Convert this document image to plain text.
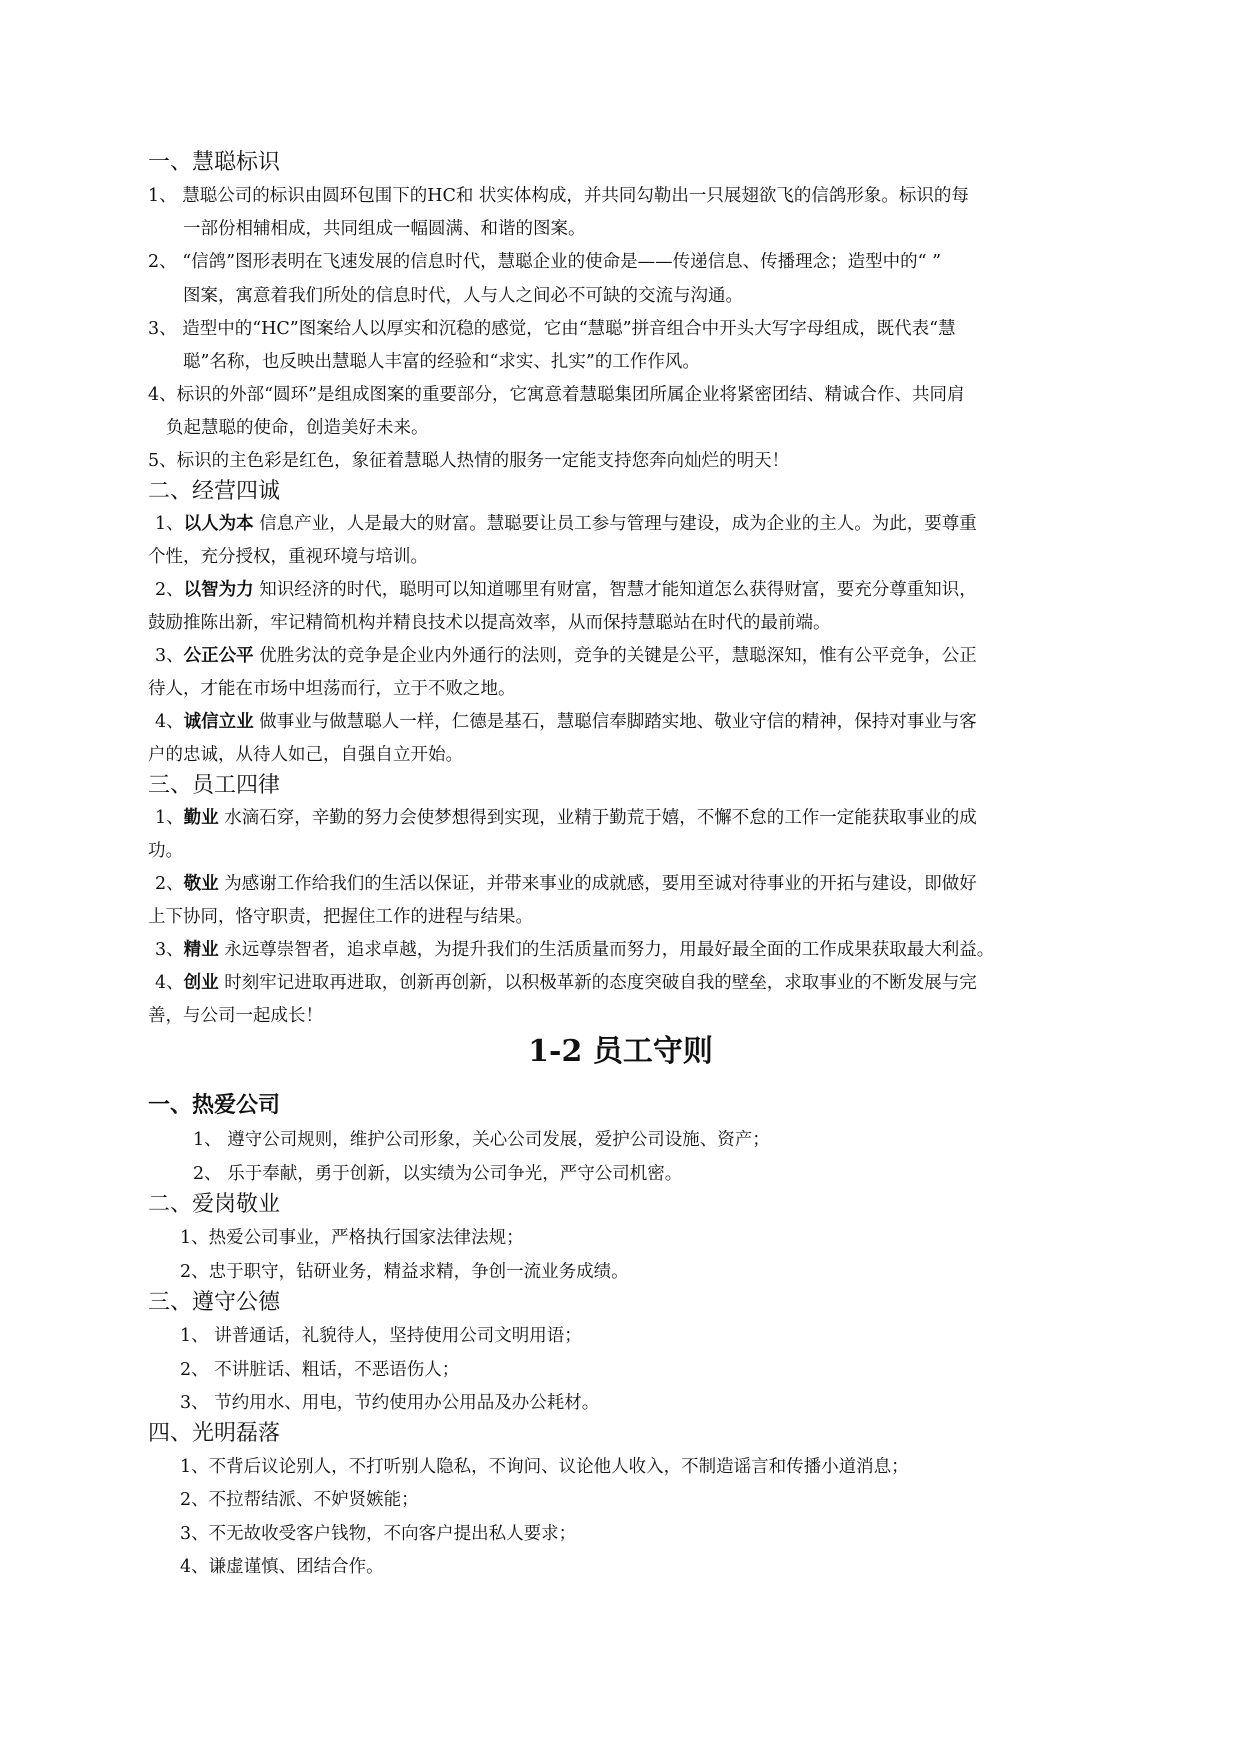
一、慧聪标识
1、 慧聪公司的标识由圆环包围下的HC和 状实体构成，并共同勾勒出一只展翅欲飞的信鸽形象。标识的每
一部份相辅相成，共同组成一幅圆满、和谐的图案。
2、 “信鸽”图形表明在飞速发展的信息时代，慧聪企业的使命是——传递信息、传播理念；造型中的“ ”
图案，寓意着我们所处的信息时代，人与人之间必不可缺的交流与沟通。
3、 造型中的“HC”图案给人以厚实和沉稳的感觉，它由“慧聪”拼音组合中开头大写字母组成，既代表“慧
聪”名称，也反映出慧聪人丰富的经验和“求实、扎实”的工作作风。
4、标识的外部“圆环”是组成图案的重要部分，它寓意着慧聪集团所属企业将紧密团结、精诚合作、共同肩
负起慧聪的使命，创造美好未来。
5、标识的主色彩是红色，象征着慧聪人热情的服务一定能支持您奔向灿烂的明天！
二、经营四诚
1、以人为本 信息产业，人是最大的财富。慧聪要让员工参与管理与建设，成为企业的主人。为此，要尊重
个性，充分授权，重视环境与培训。
2、以智为力 知识经济的时代，聪明可以知道哪里有财富，智慧才能知道怎么获得财富，要充分尊重知识，
鼓励推陈出新，牢记精简机构并精良技术以提高效率，从而保持慧聪站在时代的最前端。
3、公正公平 优胜劣汰的竞争是企业内外通行的法则，竞争的关键是公平，慧聪深知，惟有公平竞争，公正
待人，才能在市场中坦荡而行，立于不败之地。
4、诚信立业 做事业与做慧聪人一样，仁德是基石，慧聪信奉脚踏实地、敬业守信的精神，保持对事业与客
户的忠诚，从待人如己，自强自立开始。
三、员工四律
1、勤业 水滴石穿，辛勤的努力会使梦想得到实现，业精于勤荒于嬉，不懈不怠的工作一定能获取事业的成
功。
2、敬业 为感谢工作给我们的生活以保证，并带来事业的成就感，要用至诚对待事业的开拓与建设，即做好
上下协同，恪守职责，把握住工作的进程与结果。
3、精业 永远尊崇智者，追求卓越，为提升我们的生活质量而努力，用最好最全面的工作成果获取最大利益。
4、创业 时刻牢记进取再进取，创新再创新，以积极革新的态度突破自我的壁垒，求取事业的不断发展与完
善，与公司一起成长！
1-2 员工守则
一、热爱公司
1、 遵守公司规则，维护公司形象，关心公司发展，爱护公司设施、资产；
2、 乐于奉献，勇于创新，以实绩为公司争光，严守公司机密。
二、爱岗敬业
1、热爱公司事业，严格执行国家法律法规；
2、忠于职守，钻研业务，精益求精，争创一流业务成绩。
三、遵守公德
1、 讲普通话，礼貌待人，坚持使用公司文明用语；
2、 不讲脏话、粗话，不恶语伤人；
3、 节约用水、用电，节约使用办公用品及办公耗材。
四、光明磊落
1、不背后议论别人，不打听别人隐私，不询问、议论他人收入，不制造谣言和传播小道消息；
2、不拉帮结派、不妒贤嫉能；
3、不无故收受客户钱物，不向客户提出私人要求；
4、谦虚谨慎、团结合作。
